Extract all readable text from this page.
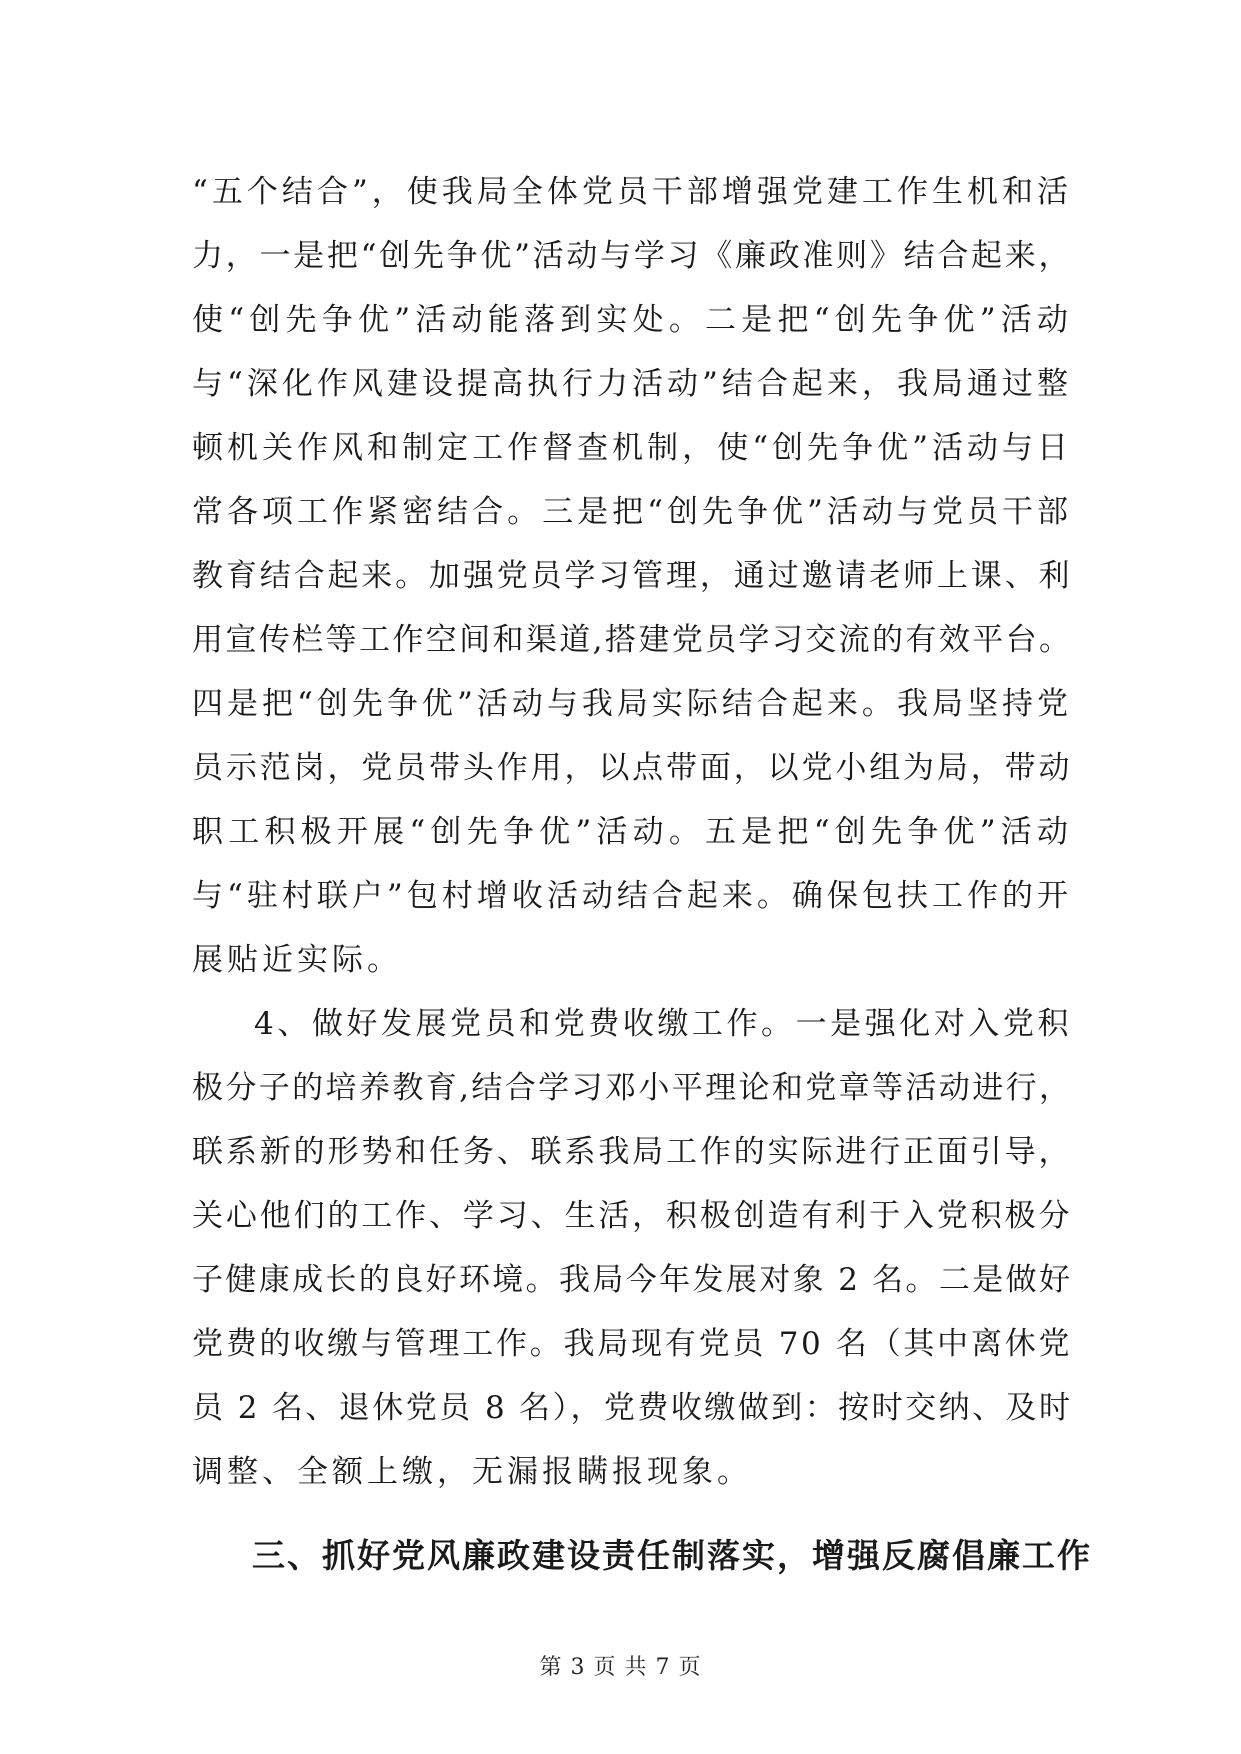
“五个结合”，使我局全体党员干部增强党建工作生机和活
力，一是把“创先争优”活动与学习《廉政准则》结合起来，
使“创先争优”活动能落到实处。二是把“创先争优”活动
与“深化作风建设提高执行力活动”结合起来，我局通过整
顿机关作风和制定工作督查机制，使“创先争优”活动与日
常各项工作紧密结合。三是把“创先争优”活动与党员干部
教育结合起来。加强党员学习管理，通过邀请老师上课、利
用宣传栏等工作空间和渠道,搭建党员学习交流的有效平台。
四是把“创先争优”活动与我局实际结合起来。我局坚持党
员示范岗，党员带头作用，以点带面，以党小组为局，带动
职工积极开展“创先争优”活动。五是把“创先争优”活动
与“驻村联户”包村增收活动结合起来。确保包扶工作的开
展贴近实际。
4、做好发展党员和党费收缴工作。一是强化对入党积
极分子的培养教育,结合学习邓小平理论和党章等活动进行，
联系新的形势和任务、联系我局工作的实际进行正面引导，
关心他们的工作、学习、生活，积极创造有利于入党积极分
子健康成长的良好环境。我局今年发展对象 2 名。二是做好
党费的收缴与管理工作。我局现有党员 70 名（其中离休党
员 2 名、退休党员 8 名），党费收缴做到：按时交纳、及时
调整、全额上缴，无漏报瞒报现象。
三、抓好党风廉政建设责任制落实，增强反腐倡廉工作
第 3 页 共 7 页
